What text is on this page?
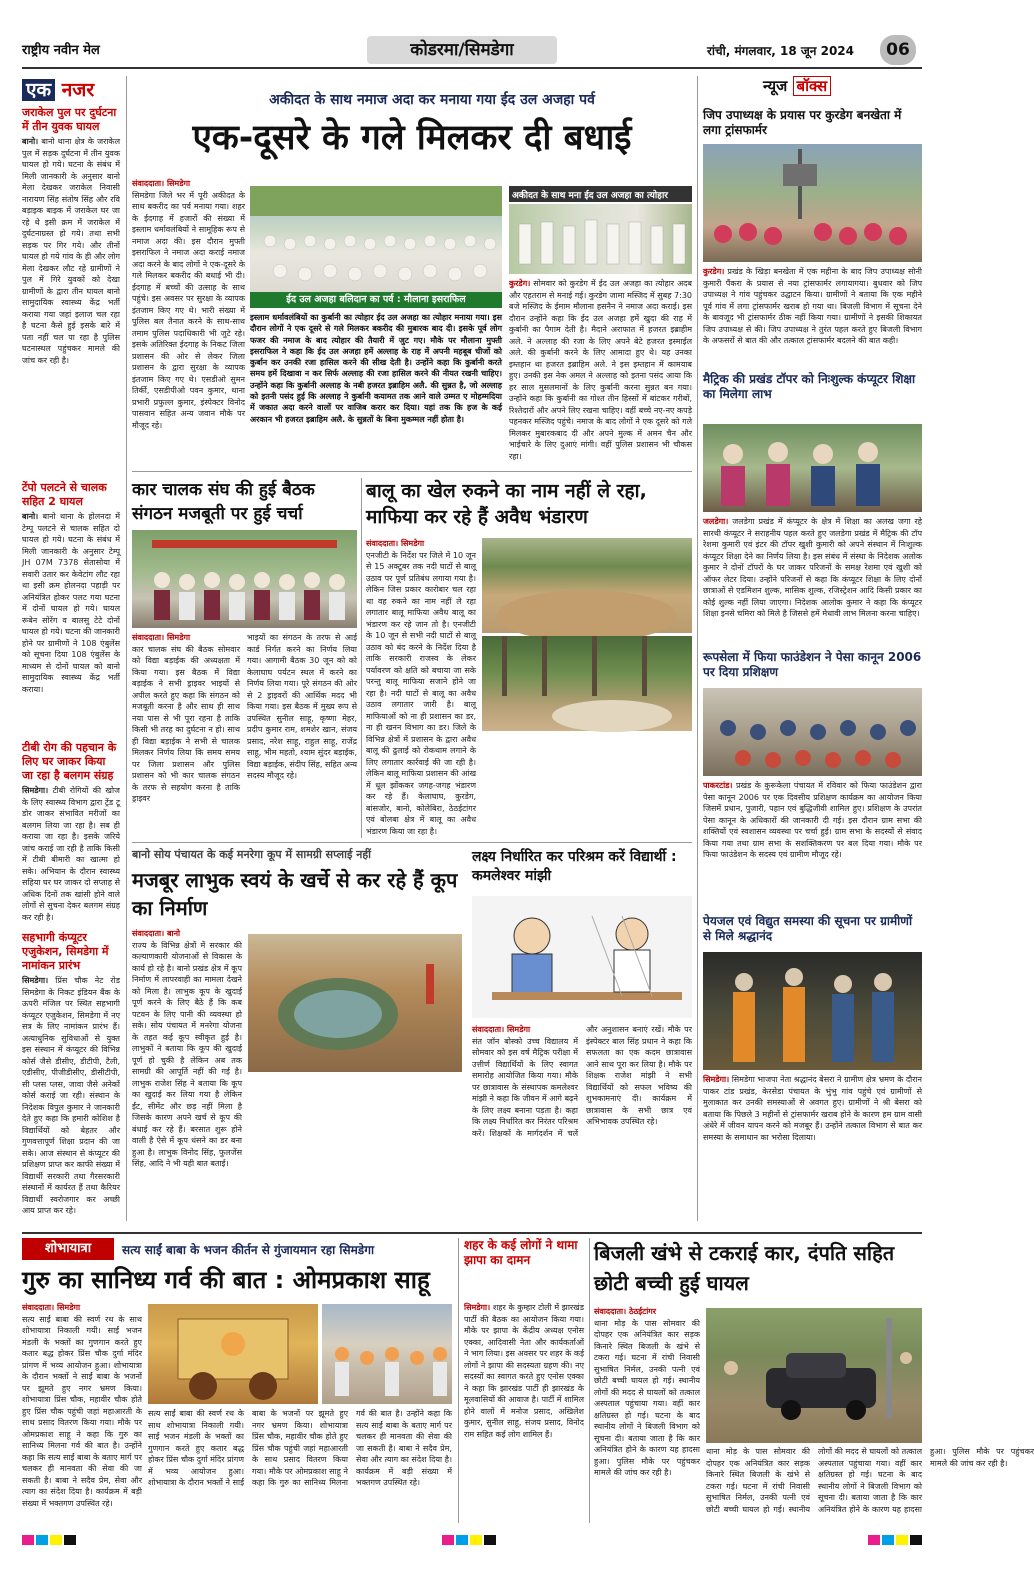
राष्ट्रीय नवीन मेल	कोडरमा/सिमडेगा	रांची, मंगलवार, 18 जून 2024	06
एक नजर
जराकेल पुल पर दुर्घटना में तीन युवक घायल
बानो। बानो थाना क्षेत्र के जराकेल पुल में सड़क दुर्घटना में तीन युवक घायल हो गये। घटना के संबंध में मिली जानकारी के अनुसार बानो मेला देखकर जराकेल निवासी नारायण सिंह संतोष सिंह और रवि बड़ाइक बाइक में जराकेल घर जा रहे थे इसी क्रम में जराकेल में दुर्घटनाग्रस्त हो गये। तथा सभी सड़क पर गिर गये। और तीनों घायल हो गये गांव के ही और लोग मेला देखकर लौट रहे ग्रामीणों ने पुल में गिरे युवकों को देखा ग्रामीणों के द्वारा तीन घायल बानो सामुदायिक स्वास्थ्य केंद्र भर्ती कराया गया जहां इलाज चल रहा है घटना कैसे हुई इसके बारे में पता नहीं चल पा रहा है पुलिस घटनास्थल पहुंचकर मामले की जांच कर रही है।
टेंपो पलटने से चालक सहित 2 घायल
बानो। बानो थाना के होलनदा में टेम्पू पलटने से चालक सहित दो घायल हो गये। घटना के संबंध में मिली जानकारी के अनुसार टेम्पू JH 07M 7378 सेतासोया में सवारी उतार कर केवेटांग लौट रहा था इसी क्रम होलनदा पहाड़ी पर अनियंत्रित होकर पलट गया घटना में दोनों घायल हो गये। घायल रूबेन सोरेंग व बालसु टेटे दोनों घायल हो गये। घटना की जानकारी होने पर ग्रामीणों ने 108 एंबुलेंस को सूचना दिया 108 एंबुलेंस के माध्यम से दोनों घायल को बानो सामुदायिक स्वास्थ्य केंद्र भर्ती कराया।
टीबी रोग की पहचान के लिए घर जाकर किया जा रहा है बलगम संग्रह
सिमडेगा। टीबी रोगियों की खोज के लिए स्वास्थ्य विभाग द्वारा ट्रेंड टू डोर जाकर संभावित मरीजों का बलगम लिया जा रहा है। सब ही कराया जा रहा है। इसके जरिये जांच कराई जा रही है ताकि किसी में टीबी बीमारी का खात्मा हो सके। अभियान के दौरान स्वास्थ्य सहिया घर घर जाकर दो सप्ताह से अधिक दिनों तक खांसी होने वाले लोगों से सुचना देकर बलगम संग्रह कर रही है।
सहभागी कंप्यूटर एजुकेशन, सिमडेगा में नामांकन प्रारंभ
सिमडेगा। प्रिंस चौक नेट रोड सिमडेगा के निकट इंडियन बैंक के ऊपरी मंजिल पर स्थित सहभागी कंप्यूटर एजुकेशन, सिमडेगा में नए सत्र के लिए नामांकन प्रारंभ हैं। अत्याधुनिक सुविधाओं से युक्त इस संस्थान में कंप्यूटर की विभिन्न कोर्स जैसे डीसीए, डीटीपी, टैली, एडीसीए, पीजीडीसीए, डीसीटीपी, सी प्लस प्लस, जावा जैसे अनेकों कोर्स कराई जा रही। संस्थान के निदेशक विपुल कुमार ने जानकारी देते हुए कहा कि हमारी कोशिश है विद्यार्थियों को बेहतर और गुणवत्तापूर्ण शिक्षा प्रदान की जा सके। आज संस्थान से कंप्यूटर की प्रशिक्षण प्राप्त कर काफी संख्या में विद्यार्थी सरकारी तथा गैरसरकारी संस्थानों में कार्यरत हैं तथा कैरियर विद्यार्थी स्वरोजगार कर अच्छी आय प्राप्त कर रहे।
अकीदत के साथ नमाज अदा कर मनाया गया ईद उल अजहा पर्व
एक-दूसरे के गले मिलकर दी बधाई
संवाददाता। सिमडेगा
सिमडेगा जिले भर में पूरी अकीदत के साथ बकरीद का पर्व मनाया गया। शहर के ईदगाह में हजारों की संख्या में इस्लाम धर्मावलंबियों ने सामूहिक रूप से नमाज अदा की। इस दौरान मुफ्ती इसराफिल ने नमाज अदा कराई नमाज अदा करने के बाद लोगों ने एक-दूसरे के गले मिलकर बकरीद की बधाई भी दी। ईदगाह में बच्चों की उत्साह के साथ पहुंचे। इस अवसर पर सुरक्षा के व्यापक इंतजाम किए गए थे। भारी संख्या में पुलिस बल तैनात करने के साथ-साथ तमाम पुलिस पदाधिकारी भी जुटे रहे। इसके अतिरिक्त ईदगाह के निकट जिला प्रशासन की ओर से लेकर जिला प्रशासन के द्वारा सुरक्षा के व्यापक इंतजाम किए गए थे। एसडीओ सुमन तिर्की, एसडीपीओ पवन कुमार, थाना प्रभारी प्रफुल्ल कुमार, इंस्पेक्टर विनोद पासवान सहित अन्य जवान मौके पर मौजूद रहे।
ईद उल अजहा बलिदान का पर्व : मौलाना इसराफिल
इस्लाम धर्मावलंबियों का कुर्बानी का त्योहार ईद उल अजहा का त्योहार मनाया गया। इस दौरान लोगों ने एक दूसरे से गले मिलकर बकरीद की मुबारक बाद दी। इसके पूर्व लोग फजर की नमाज के बाद त्योहार की तैयारी में जुट गए। मौके पर मौलाना मुफ्ती इसराफिल ने कहा कि ईद उल अजहा हमें अल्लाह के राह में अपनी महबूब चीजों को कुर्बान कर उनकी रजा हासिल करने की सीख देती है। उन्होंने कहा कि कुर्बानी करते समय हमें दिखावा न कर सिर्फ अल्लाह की रजा हासिल करने की नीयत रखनी चाहिए। उन्होंने कहा कि कुर्बानी अल्लाह के नबी हजरत इब्राहिम अलै. की सुन्नत है, जो अल्लाह को इतनी पसंद हुई कि अल्लाह ने कुर्बानी कयामत तक आने वाले उम्मत ए मोहम्मदिया में जकात अदा करने वालों पर वाजिब करार कर दिया। यहां तक कि हज के कई अरकान भी हजरत इब्राहिम अलै. के सुन्नतों के बिना मुकम्मल नहीं होता है।
अकीदत के साथ मना ईद उल अजहा का त्योहार
कुरडेग। सोमवार को कुरडेग में ईद उल अजहा का त्योहार अदब और एहतराम से मनाई गई। कुरडेग जामा मस्जिद में सुबह 7:30 बजे मस्जिद के ईमाम मौलाना हसनैन ने नमाज अदा कराई। इस दौरान उन्होंने कहा कि ईद उल अजहा हमें खुदा की राह में कुर्बानी का पैगाम देती है। मैदाने अराफात में हजरत इब्राहीम अले. ने अल्लाह की रजा के लिए अपने बेटे हजरत इस्माईल अले. की कुर्बानी करने के लिए आमादा हुए थे। यह उनका इम्तहान था हजरत इब्राहिम अले. ने इस इम्तहान में कामयाब हुए। उनकी इस नेक अमल ने अल्लाह को इतना पसंद आया कि हर साल मुसलमानों के लिए कुर्बानी करना सुन्नत बन गया। उन्होंने कहा कि कुर्बानी का गोश्त तीन हिस्सों में बांटकर गरीबों, रिश्तेदारों और अपने लिए रखना चाहिए। वहीं बच्चे नए-नए कपड़े पहनकर मस्जिद पहुंचे। नमाज के बाद लोगों ने एक दूसरे को गले मिलकर मुबारकबाद दी और अपने मुल्क में अमन चैन और भाईचारे के लिए दुआएं मांगी। वहीं पुलिस प्रशासन भी चौकस रहा।
न्यूज बॉक्स
जिप उपाध्यक्ष के प्रयास पर कुरडेग बनखेता में लगा ट्रांसफार्मर
कुरडेग। प्रखंड के खिड़ा बनखेता में एक महीना के बाद जिप उपाध्यक्ष सोनी कुमारी पैंकरा के प्रयास से नया ट्रांसफार्मर लगायागया। बुधवार को जिप उपाध्यक्ष ने गांव पहुंचकर उद्घाटन किया। ग्रामीणों ने बताया कि एक महीने पूर्व गांव में लगा ट्रांसफार्मर खराब हो गया था। बिजली विभाग में सूचना देने के बावजूद भी ट्रांसफार्मर ठीक नहीं किया गया। ग्रामीणों ने इसकी शिकायत जिप उपाध्यक्ष से की। जिप उपाध्यक्ष ने तुरंत पहल करते हुए बिजली विभाग के अफसरों से बात की और तत्काल ट्रांसफार्मर बदलने की बात कही।
मैट्रिक की प्रखंड टॉपर को निःशुल्क कंप्यूटर शिक्षा का मिलेगा लाभ
जलडेगा। जलडेगा प्रखंड में कंप्यूटर के क्षेत्र में शिक्षा का अलख जगा रहे सारथी कंप्यूटर ने सराहनीय पहल करते हुए जलडेगा प्रखंड में मैट्रिक की टॉप रेशमा कुमारी एवं इंटर की टॉपर खुशी कुमारी को अपने संस्थान में निःशुल्क कंप्यूटर शिक्षा देने का निर्णय लिया है। इस संबंध में संस्था के निदेशक अलोक कुमार ने दोनों टॉपरों के घर जाकर परिजनों के समक्ष रेशमा एवं खुशी को ऑफर लेटर दिया। उन्होंने परिजनों से कहा कि कंप्यूटर शिक्षा के लिए दोनों छात्राओं से एडमिशन शुल्क, मासिक शुल्क, रजिस्ट्रेशन आदि किसी प्रकार का कोई शुल्क नहीं लिया जाएगा। निदेशक आलोक कुमार ने कहा कि कंप्यूटर शिक्षा इनसे चमिरा को मिले है जिससे हमें मेधावी लाभ मिलना करना चाहिए।
रूपसेला में फिया फाउंडेशन ने पेसा कानून 2006 पर दिया प्रशिक्षण
पाकरटांड। प्रखंड के कुरूकेला पंचायत में रविवार को फिया फाउंडेशन द्वारा पेसा कानून 2006 पर एक दिवसीय प्रशिक्षण कार्यक्रम का आयोजन किया जिसमें प्रधान, पुजारी, पहान एवं बुद्धिजीवी शामिल हुए। प्रशिक्षण के उपरांत पेसा कानून के अधिकारों की जानकारी दी गई। इस दौरान ग्राम सभा की शक्तियों एवं स्वशासन व्यवस्था पर चर्चा हुई। ग्राम सभा के सदस्यों से संवाद किया गया तथा ग्राम सभा के सशक्तिकरण पर बल दिया गया। मौके पर फिया फाउंडेशन के सदस्य एवं ग्रामीण मौजूद रहे।
पेयजल एवं विद्युत समस्या की सूचना पर ग्रामीणों से मिले श्रद्धानंद
सिमडेगा। सिमडेगा भाजपा नेता श्रद्धानंद बेसरा ने ग्रामीण क्षेत्र भ्रमण के दौरान पाकर टांड प्रखंड, केरसेडा पंचायत के भुंभु गांव पहुंचे एवं ग्रामीणों से मुलाकात कर उनकी समस्याओं से अवगत हुए। ग्रामीणों ने श्री बेसरा को बताया कि पिछले 3 महीनों से ट्रांसफार्मर खराब होने के कारण हम ग्राम वासी अंधेरे में जीवन यापन करने को मजबूर हैं। उन्होंने तत्काल विभाग से बात कर समस्या के समाधान का भरोसा दिलाया।
कार चालक संघ की हुई बैठक संगठन मजबूती पर हुई चर्चा
संवाददाता। सिमडेगा
कार चालक संघ की बैठक सोमवार को विद्या बड़ाईक की अध्यक्षता में किया गया। इस बैठक में विद्या बड़ाईक ने सभी ड्राइवर भाइयों से अपील करते हुए कहा कि संगठन को मजबूती करना है और साथ ही साथ नया पास से भी पूरा रहना है ताकि किसी भी तरह का दुर्घटना न हो। साथ ही विद्या बड़ाईक ने सभी से चालक मिलकर निर्णय लिया कि समय समय पर जिला प्रशासन और पुलिस प्रशासन को भी कार चालक संगठन के तरफ से सहयोग करना है ताकि ड्राइवर
भाइयों का संगठन के तरफ से आई कार्ड निर्गत करने का निर्णय लिया गया। आगामी बैठक 30 जून को को केलाघाघ पर्यटन स्थल में करने का निर्णय लिया गया। पूरे संगठन की ओर से 2 ड्राइवरों की आर्थिक मदद भी किया गया। इस बैठक में मुख्य रूप से उपस्थित सुनील साहू, कृष्णा मेहर, प्रदीप कुमार राम, शमशेर खान, संजय प्रसाद, नरेश साहू, राहुल साहू, राजेंद्र साहू, भीम महतो, श्याम सुंदर बड़ाईक, विद्या बड़ाईक, संदीप सिंह, सहित अन्य सदस्य मौजूद रहे।
बालू का खेल रुकने का नाम नहीं ले रहा, माफिया कर रहे हैं अवैध भंडारण
संवाददाता। सिमडेगा
एनजीटी के निर्देश पर जिले में 10 जून से 15 अक्टूबर तक नदी घाटों से बालू उठाव पर पूर्ण प्रतिबंध लगाया गया है। लेकिन जिस प्रकार कारोबार चल रहा था वह रुकने का नाम नहीं ले रहा लगातार बालू माफिया अवैध बालू का भंडारण कर रहे जान तो है। एनजीटी के 10 जून से सभी नदी घाटों से बालू उठाव को बंद करने के निर्देश दिया है ताकि सरकारी राजस्व के लेकर पर्यावरण को क्षति को बचाया जा सके परन्तु बालू माफिया सजाने होने जा रहा है। नदी घाटों से बालू का अवैध उठाव लगातार जारी है। बालू माफियाओं को ना ही प्रशासन का डर, ना ही खनन विभाग का डर। जिले के विभिन्न क्षेत्रों में प्रशासन के द्वारा अवैध बालू की ढुलाई को रोकथाम लगाने के लिए लगातार कार्रवाई की जा रही है। लेकिन बालू माफिया प्रशासन की आंख में धूल झोंककर जगह-जगह भंडारण कर रहे हैं। केलाघाघ, कुरडेग, बांसजोर, बानो, कोलेबिरा, ठेठईटांगर एवं बोलबा क्षेत्र में बालू का अवैध भंडारण किया जा रहा है।
बानो सोय पंचायत के कई मनरेगा कूप में सामग्री सप्लाई नहीं
मजबूर लाभुक स्वयं के खर्चे से कर रहे हैं कूप का निर्माण
संवाददाता। बानो
राज्य के विभिन्न क्षेत्रों में सरकार की कल्याणकारी योजनाओं से विकास के कार्य हो रहे है। बानो प्रखंड क्षेत्र में कूप निर्माण में लापरवाही का मामला देखने को मिला है। लाभुक कूप के खुदाई पूर्ण करने के लिए बैठे हैं कि कब पटवन के लिए पानी की व्यवस्था हो सके। सोय पंचायत में मनरेगा योजना के तहत कई कूप स्वीकृत हुई है। लाभुकों ने बताया कि कूप की खुदाई पूर्ण हो चुकी है लेकिन अब तक सामग्री की आपूर्ति नहीं की गई है। लाभुक राजेश सिंह ने बताया कि कूप का खुदाई कर लिया गया है लेकिन ईंट, सीमेंट और छड़ नहीं मिला है जिसके कारण अपने खर्च से कूप की बंधाई कर रहे हैं। बरसात शुरू होने वाली है ऐसे में कूप धंसने का डर बना हुआ है। लाभुक विनोद सिंह, फुलजेंस सिंह, आदि ने भी यही बात बताई।
लक्ष्य निर्धारित कर परिश्रम करें विद्यार्थी : कमलेश्वर मांझी
संवाददाता। सिमडेगा
संत जॉन बोस्को उच्च विद्यालय में सोमवार को इस वर्ष मैट्रिक परीक्षा में उत्तीर्ण विद्यार्थियों के लिए स्वागत समारोह आयोजित किया गया। मौके पर छात्रावास के संस्थापक कमलेश्वर मांझी ने कहा कि जीवन में आगे बढ़ने के लिए लक्ष्य बनाना पड़ता है। कहा कि लक्ष्य निर्धारित कर निरंतर परिश्रम करें। शिक्षकों के मार्गदर्शन में चलें और अनुशासन बनाएं रखें। मौके पर इंस्पेक्टर बाल सिंह प्रधान ने कहा कि सफलता का एक कदम छात्रावास आने साथ पूरा कर लिया है। मौके पर शिक्षक राजेश मांझी ने सभी विद्यार्थियों को सफल भविष्य की शुभकामनाएं दी। कार्यक्रम में छात्रावास के सभी छात्र एवं अभिभावक उपस्थित रहे।
शोभायात्रा	सत्य साईं बाबा के भजन कीर्तन से गुंजायमान रहा सिमडेगा
गुरु का सानिध्य गर्व की बात : ओमप्रकाश साहू
संवाददाता। सिमडेगा
सत्य साईं बाबा की स्वर्ण रथ के साथ शोभायात्रा निकाली गयी। साईं भजन मंडली के भक्तों का गुणगान करते हुए कतार बद्ध होकर प्रिंस चौक दुर्गा मंदिर प्रांगण में भव्य आयोजन हुआ। शोभायात्रा के दौरान भक्तों ने साईं बाबा के भजनों पर झूमते हुए नगर भ्रमण किया। शोभायात्रा प्रिंस चौक, महावीर चौक होते हुए प्रिंस चौक पहुंची जहां महाआरती के साथ प्रसाद वितरण किया गया। मौके पर ओमप्रकाश साहू ने कहा कि गुरु का सानिध्य मिलना गर्व की बात है। उन्होंने कहा कि सत्य साईं बाबा के बताए मार्ग पर चलकर ही मानवता की सेवा की जा सकती है। बाबा ने सदैव प्रेम, सेवा और त्याग का संदेश दिया है। कार्यक्रम में बड़ी संख्या में भक्तगण उपस्थित रहे।
सत्य साईं बाबा की स्वर्ण रथ के साथ शोभायात्रा निकाली गयी। साईं भजन मंडली के भक्तों का गुणगान करते हुए कतार बद्ध होकर प्रिंस चौक दुर्गा मंदिर प्रांगण में भव्य आयोजन हुआ। शोभायात्रा के दौरान भक्तों ने साईं बाबा के भजनों पर झूमते हुए नगर भ्रमण किया। शोभायात्रा प्रिंस चौक, महावीर चौक होते हुए प्रिंस चौक पहुंची जहां महाआरती के साथ प्रसाद वितरण किया गया। मौके पर ओमप्रकाश साहू ने कहा कि गुरु का सानिध्य मिलना गर्व की बात है। उन्होंने कहा कि सत्य साईं बाबा के बताए मार्ग पर चलकर ही मानवता की सेवा की जा सकती है। बाबा ने सदैव प्रेम, सेवा और त्याग का संदेश दिया है। कार्यक्रम में बड़ी संख्या में भक्तगण उपस्थित रहे।
शहर के कई लोगों ने थामा झापा का दामन
सिमडेगा। शहर के कुम्हार टोली में झारखंड पार्टी की बैठक का आयोजन किया गया। मौके पर झापा के केंद्रीय अध्यक्ष एनोस एक्का, आदिवासी नेता और कार्यकर्ताओं ने भाग लिया। इस अवसर पर शहर के कई लोगों ने झापा की सदस्यता ग्रहण की। नए सदस्यों का स्वागत करते हुए एनोस एक्का ने कहा कि झारखंड पार्टी ही झारखंड के मूलवासियों की आवाज है। पार्टी में शामिल होने वालों में मनोज प्रसाद, अखिलेश कुमार, सुनील साहू, संजय प्रसाद, विनोद राम सहित कई लोग शामिल हैं।
बिजली खंभे से टकराई कार, दंपति सहित छोटी बच्ची हुई घायल
संवाददाता। ठेठईटांगर
थाना मोड़ के पास सोमवार की दोपहर एक अनियंत्रित कार सड़क किनारे स्थित बिजली के खंभे से टकरा गई। घटना में रांची निवासी सुभाषित निर्मल, उनकी पत्नी एवं छोटी बच्ची घायल हो गई। स्थानीय लोगों की मदद से घायलों को तत्काल अस्पताल पहुंचाया गया। वहीं कार क्षतिग्रस्त हो गई। घटना के बाद स्थानीय लोगों ने बिजली विभाग को सूचना दी। बताया जाता है कि कार अनियंत्रित होने के कारण यह हादसा हुआ। पुलिस मौके पर पहुंचकर मामले की जांच कर रही है।
थाना मोड़ के पास सोमवार की दोपहर एक अनियंत्रित कार सड़क किनारे स्थित बिजली के खंभे से टकरा गई। घटना में रांची निवासी सुभाषित निर्मल, उनकी पत्नी एवं छोटी बच्ची घायल हो गई। स्थानीय लोगों की मदद से घायलों को तत्काल अस्पताल पहुंचाया गया। वहीं कार क्षतिग्रस्त हो गई। घटना के बाद स्थानीय लोगों ने बिजली विभाग को सूचना दी। बताया जाता है कि कार अनियंत्रित होने के कारण यह हादसा हुआ। पुलिस मौके पर पहुंचकर मामले की जांच कर रही है।
